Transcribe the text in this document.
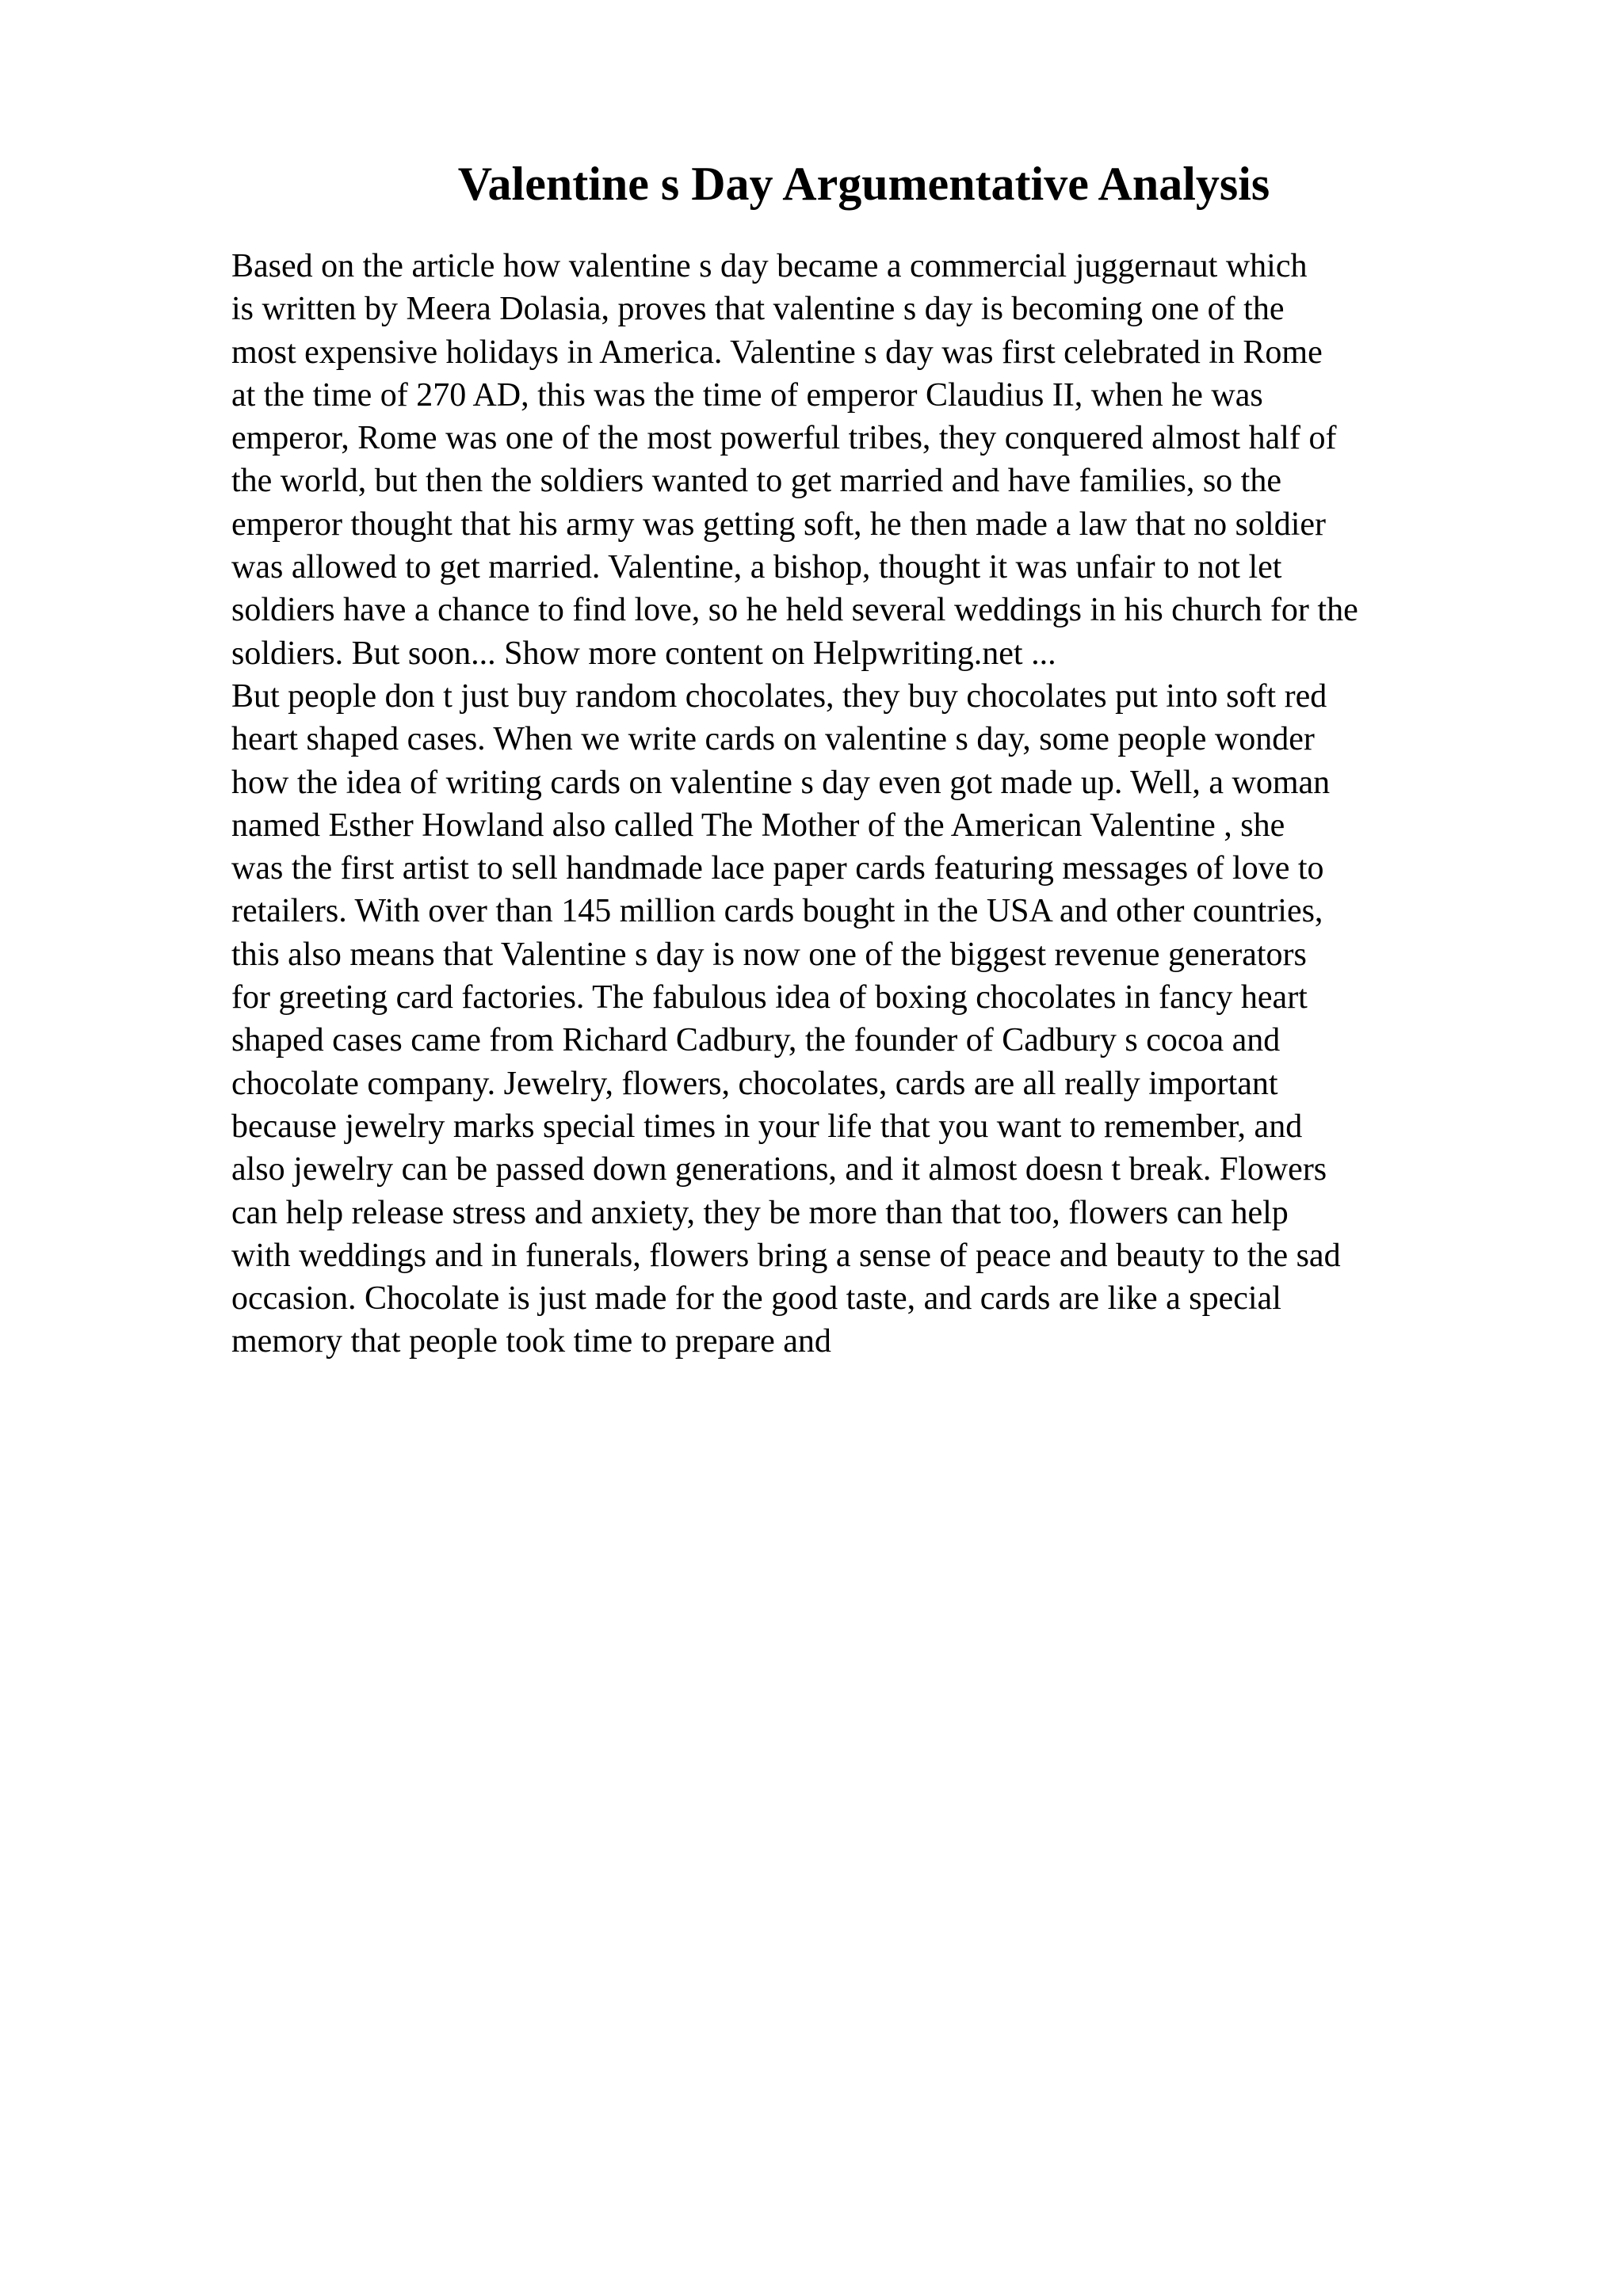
Valentine s Day Argumentative Analysis
Based on the article how valentine s day became a commercial juggernaut which
is written by Meera Dolasia, proves that valentine s day is becoming one of the
most expensive holidays in America. Valentine s day was first celebrated in Rome
at the time of 270 AD, this was the time of emperor Claudius II, when he was
emperor, Rome was one of the most powerful tribes, they conquered almost half of
the world, but then the soldiers wanted to get married and have families, so the
emperor thought that his army was getting soft, he then made a law that no soldier
was allowed to get married. Valentine, a bishop, thought it was unfair to not let
soldiers have a chance to find love, so he held several weddings in his church for the
soldiers. But soon... Show more content on Helpwriting.net ...
But people don t just buy random chocolates, they buy chocolates put into soft red
heart shaped cases. When we write cards on valentine s day, some people wonder
how the idea of writing cards on valentine s day even got made up. Well, a woman
named Esther Howland also called The Mother of the American Valentine , she
was the first artist to sell handmade lace paper cards featuring messages of love to
retailers. With over than 145 million cards bought in the USA and other countries,
this also means that Valentine s day is now one of the biggest revenue generators
for greeting card factories. The fabulous idea of boxing chocolates in fancy heart
shaped cases came from Richard Cadbury, the founder of Cadbury s cocoa and
chocolate company. Jewelry, flowers, chocolates, cards are all really important
because jewelry marks special times in your life that you want to remember, and
also jewelry can be passed down generations, and it almost doesn t break. Flowers
can help release stress and anxiety, they be more than that too, flowers can help
with weddings and in funerals, flowers bring a sense of peace and beauty to the sad
occasion. Chocolate is just made for the good taste, and cards are like a special
memory that people took time to prepare and
